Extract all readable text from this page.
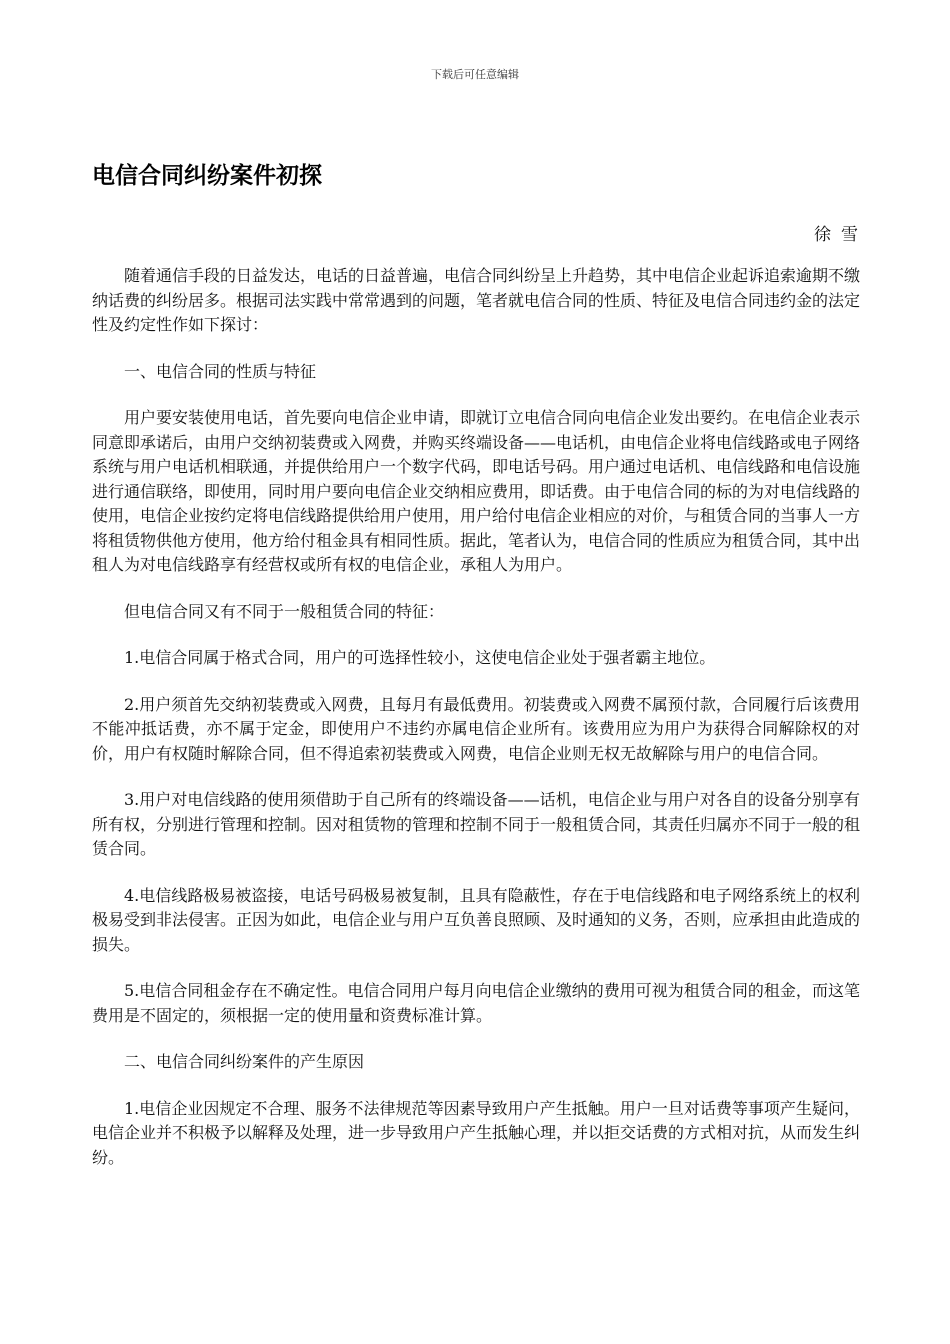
下载后可任意编辑
电信合同纠纷案件初探
徐雪

随着通信手段的日益发达，电话的日益普遍，电信合同纠纷呈上升趋势，其中电信企业起诉追索逾期不缴纳话费的纠纷居多。根据司法实践中常常遇到的问题，笔者就电信合同的性质、特征及电信合同违约金的法定性及约定性作如下探讨：

一、电信合同的性质与特征

用户要安装使用电话，首先要向电信企业申请，即就订立电信合同向电信企业发出要约。在电信企业表示同意即承诺后，由用户交纳初装费或入网费，并购买终端设备——电话机，由电信企业将电信线路或电子网络系统与用户电话机相联通，并提供给用户一个数字代码，即电话号码。用户通过电话机、电信线路和电信设施进行通信联络，即使用，同时用户要向电信企业交纳相应费用，即话费。由于电信合同的标的为对电信线路的使用，电信企业按约定将电信线路提供给用户使用，用户给付电信企业相应的对价，与租赁合同的当事人一方将租赁物供他方使用，他方给付租金具有相同性质。据此，笔者认为，电信合同的性质应为租赁合同，其中出租人为对电信线路享有经营权或所有权的电信企业，承租人为用户。

但电信合同又有不同于一般租赁合同的特征：

1.电信合同属于格式合同，用户的可选择性较小，这使电信企业处于强者霸主地位。

2.用户须首先交纳初装费或入网费，且每月有最低费用。初装费或入网费不属预付款，合同履行后该费用不能冲抵话费，亦不属于定金，即使用户不违约亦属电信企业所有。该费用应为用户为获得合同解除权的对价，用户有权随时解除合同，但不得追索初装费或入网费，电信企业则无权无故解除与用户的电信合同。

3.用户对电信线路的使用须借助于自己所有的终端设备——话机，电信企业与用户对各自的设备分别享有所有权，分别进行管理和控制。因对租赁物的管理和控制不同于一般租赁合同，其责任归属亦不同于一般的租赁合同。

4.电信线路极易被盗接，电话号码极易被复制，且具有隐蔽性，存在于电信线路和电子网络系统上的权利极易受到非法侵害。正因为如此，电信企业与用户互负善良照顾、及时通知的义务，否则，应承担由此造成的损失。

5.电信合同租金存在不确定性。电信合同用户每月向电信企业缴纳的费用可视为租赁合同的租金，而这笔费用是不固定的，须根据一定的使用量和资费标准计算。

二、电信合同纠纷案件的产生原因

1.电信企业因规定不合理、服务不法律规范等因素导致用户产生抵触。用户一旦对话费等事项产生疑问，电信企业并不积极予以解释及处理，进一步导致用户产生抵触心理，并以拒交话费的方式相对抗，从而发生纠纷。
